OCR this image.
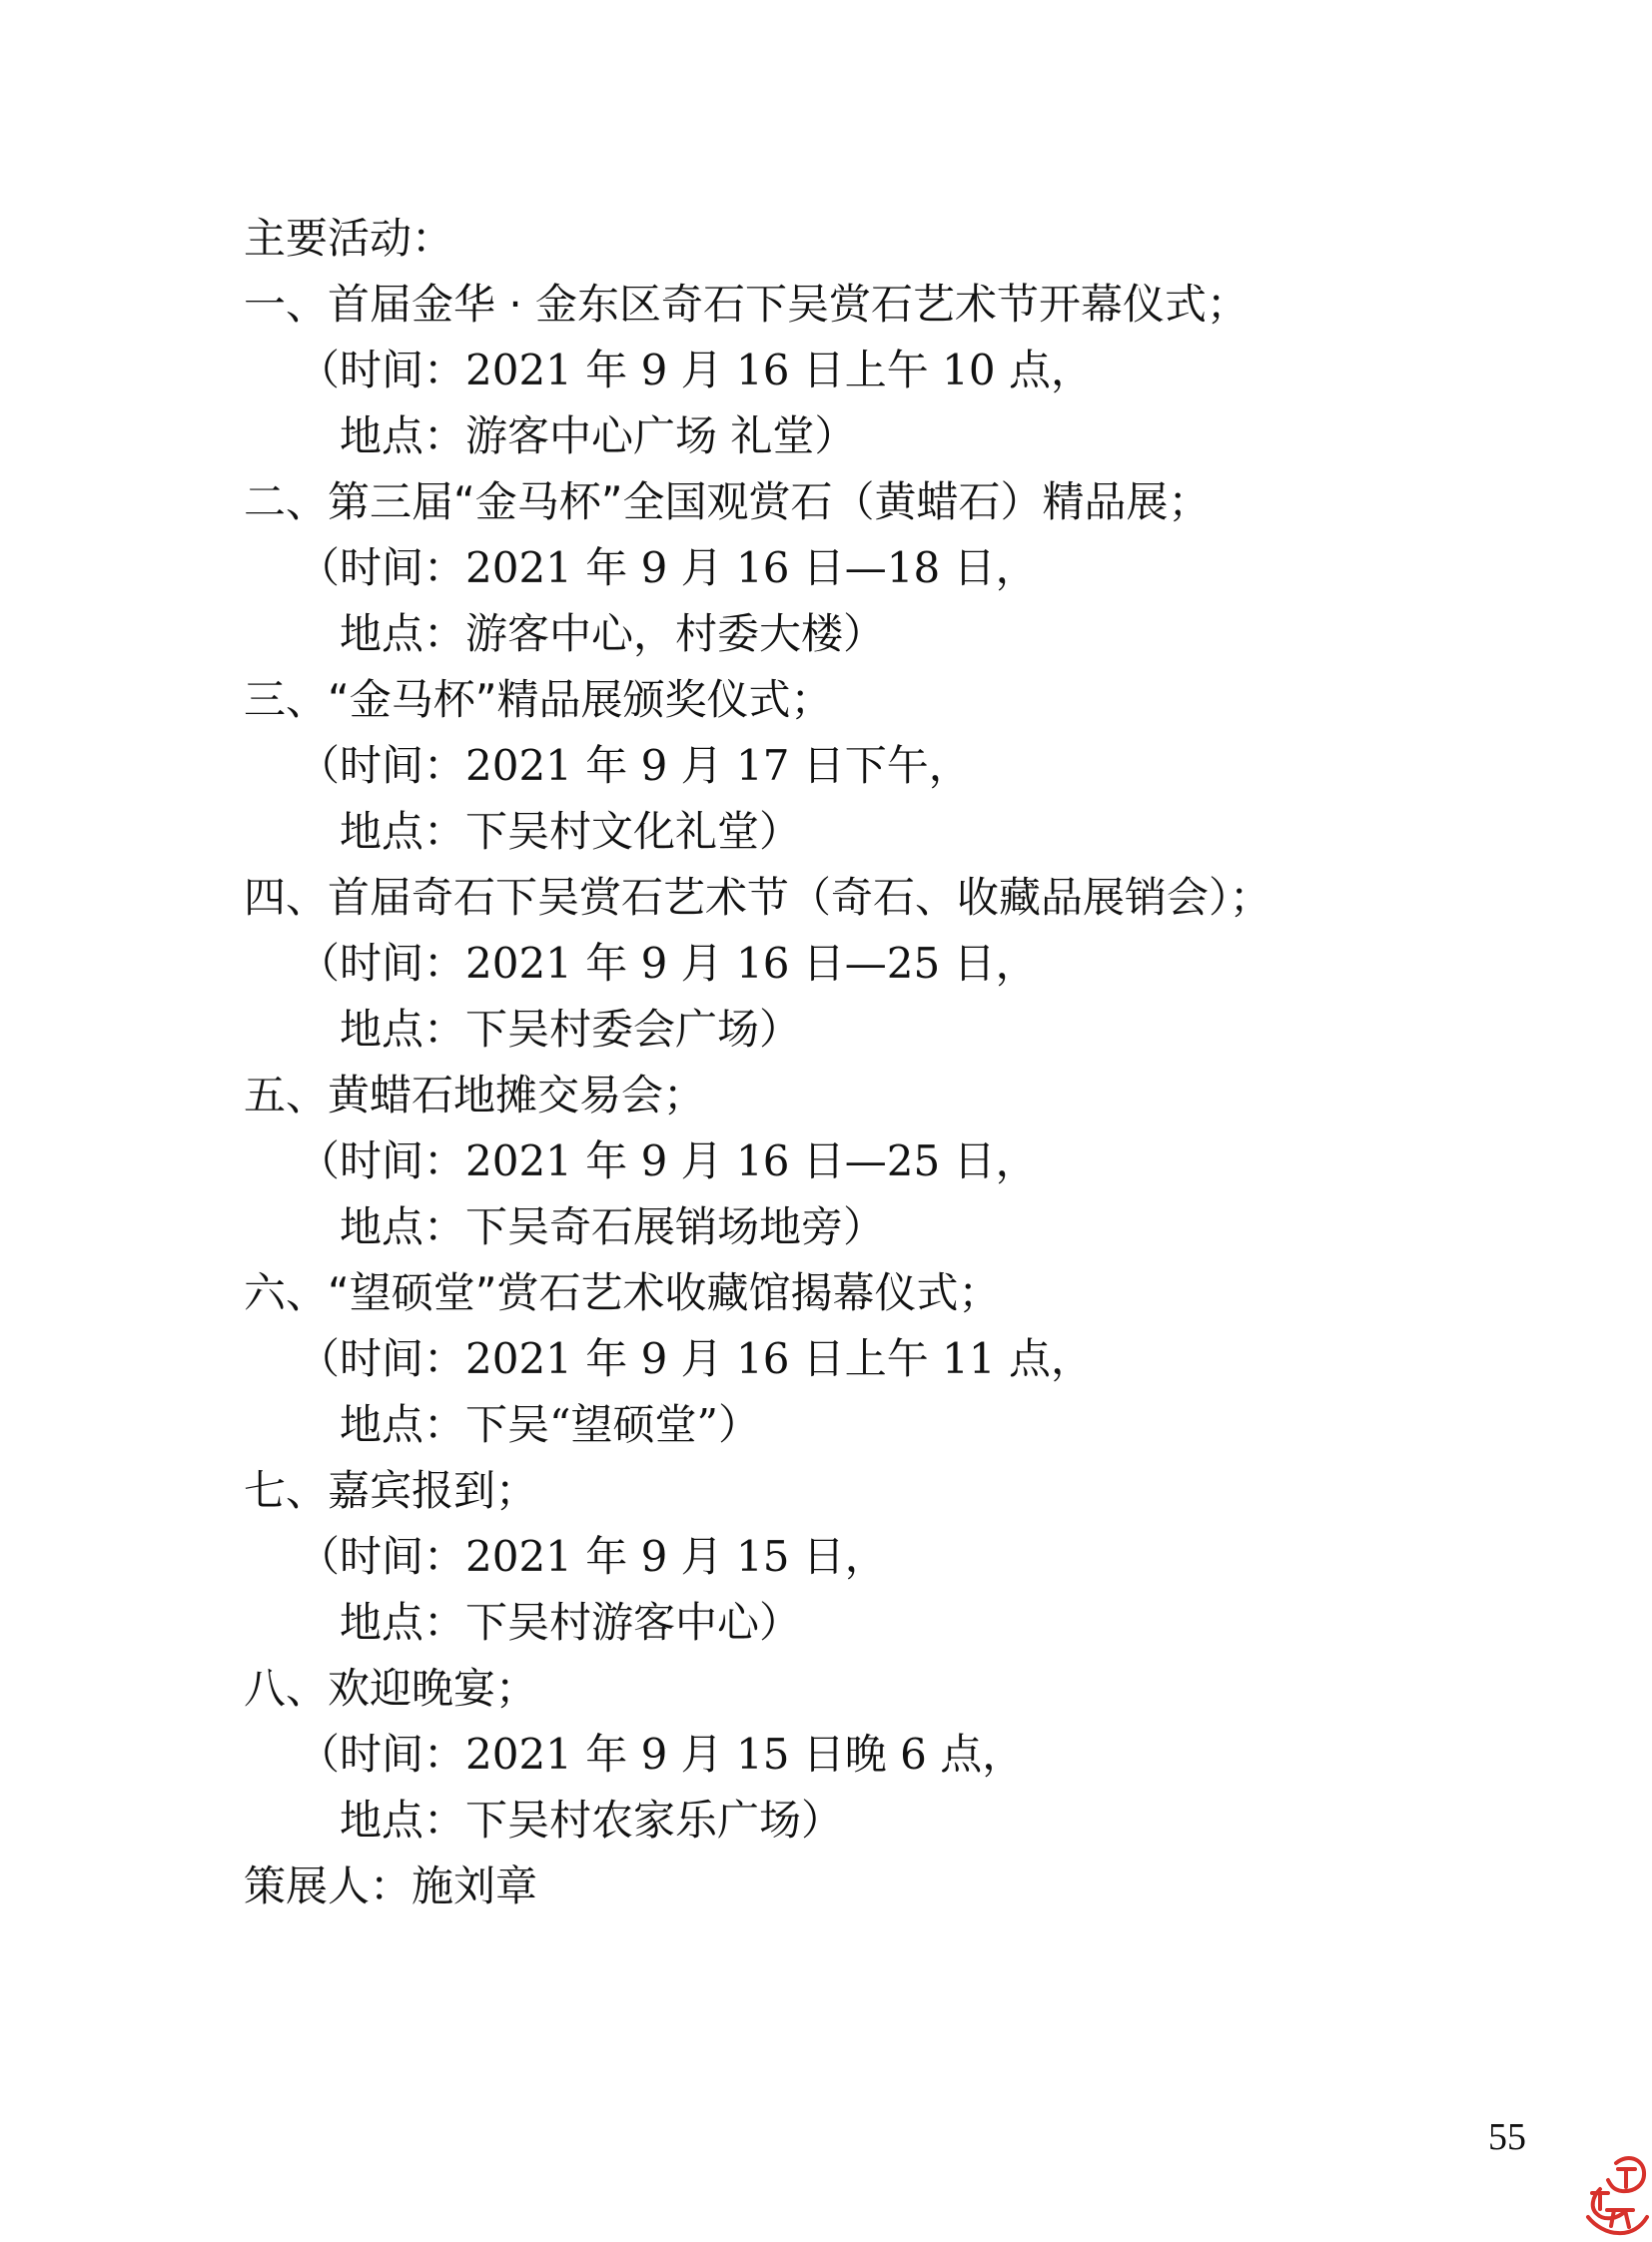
主要活动：
一、首届金华 · 金东区奇石下吴赏石艺术节开幕仪式；
（时间：2021 年 9 月 16 日上午 10 点，
地点：游客中心广场 礼堂）
二、第三届“金马杯”全国观赏石（黄蜡石）精品展；
（时间：2021 年 9 月 16 日—18 日，
地点：游客中心，村委大楼）
三、“金马杯”精品展颁奖仪式；
（时间：2021 年 9 月 17 日下午，
地点：下吴村文化礼堂）
四、首届奇石下吴赏石艺术节（奇石、收藏品展销会）；
（时间：2021 年 9 月 16 日—25 日，
地点：下吴村委会广场）
五、黄蜡石地摊交易会；
（时间：2021 年 9 月 16 日—25 日，
地点：下吴奇石展销场地旁）
六、“望硕堂”赏石艺术收藏馆揭幕仪式；
（时间：2021 年 9 月 16 日上午 11 点，
地点：下吴“望硕堂”）
七、嘉宾报到；
（时间：2021 年 9 月 15 日，
地点：下吴村游客中心）
八、欢迎晚宴；
（时间：2021 年 9 月 15 日晚 6 点，
地点：下吴村农家乐广场）
策展人：施刘章
55
